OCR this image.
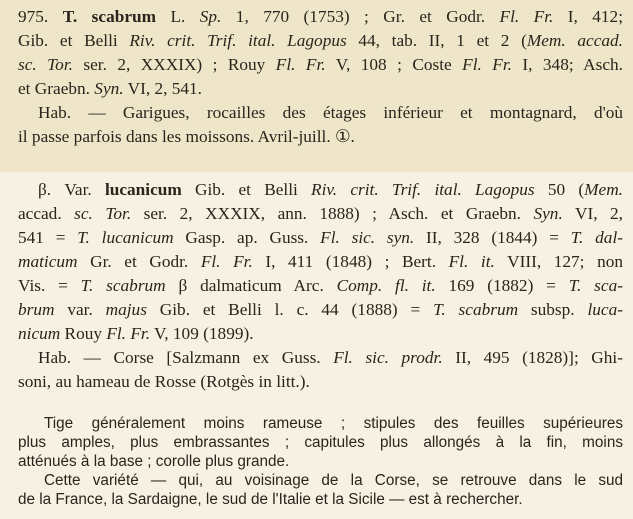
975. T. scabrum L. Sp. 1, 770 (1753) ; Gr. et Godr. Fl. Fr. I, 412;
Gib. et Belli Riv. crit. Trif. ital. Lagopus 44, tab. II, 1 et 2 (Mem. accad.
sc. Tor. ser. 2, XXXIX) ; Rouy Fl. Fr. V, 108 ; Coste Fl. Fr. I, 348; Asch.
et Graebn. Syn. VI, 2, 541.
Hab. — Garigues, rocailles des étages inférieur et montagnard, d'où
il passe parfois dans les moissons. Avril-juill. ①.
β. Var. lucanicum Gib. et Belli Riv. crit. Trif. ital. Lagopus 50 (Mem.
accad. sc. Tor. ser. 2, XXXIX, ann. 1888) ; Asch. et Graebn. Syn. VI, 2,
541 = T. lucanicum Gasp. ap. Guss. Fl. sic. syn. II, 328 (1844) = T. dal-
maticum Gr. et Godr. Fl. Fr. I, 411 (1848) ; Bert. Fl. it. VIII, 127; non
Vis. = T. scabrum β dalmaticum Arc. Comp. fl. it. 169 (1882) = T. sca-
brum var. majus Gib. et Belli l. c. 44 (1888) = T. scabrum subsp. luca-
nicum Rouy Fl. Fr. V, 109 (1899).
Hab. — Corse [Salzmann ex Guss. Fl. sic. prodr. II, 495 (1828)]; Ghi-
soni, au hameau de Rosse (Rotgès in litt.).
Tige généralement moins rameuse ; stipules des feuilles supérieures
plus amples, plus embrassantes ; capitules plus allongés à la fin, moins
atténués à la base ; corolle plus grande.
Cette variété — qui, au voisinage de la Corse, se retrouve dans le sud
de la France, la Sardaigne, le sud de l'Italie et la Sicile — est à rechercher.
